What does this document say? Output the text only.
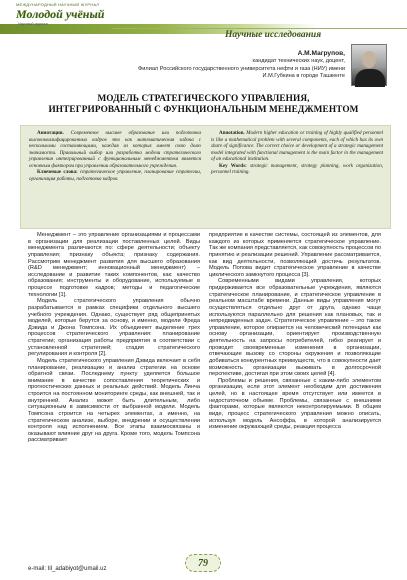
МЕЖДУНАРОДНЫЙ НАУЧНЫЙ ЖУРНАЛ
Молодой учёный
Научный журнал
Научные исследования
А.М.Магрупов,
кандидат технических наук, доцент,
Филиал Российского государственного университета нефти и газа (НИУ) имени
И.М.Губкина в городе Ташкенте
МОДЕЛЬ СТРАТЕГИЧЕСКОГО УПРАВЛЕНИЯ,
ИНТЕГРИРОВАННЫЙ С ФУНКЦИОНАЛЬНЫМ МЕНЕДЖМЕНТОМ
Аннотация. Современное высшее образование или подготовка высококвалифицированных кадров это как математическая задача с несколькими составляющими, каждая из которых имеет свою долю значимости. Правильный выбор или разработка модели стратегического управления интегрированный с функциональным менеджментом является основным фактором при управлении образовательного учреждения.
Ключевые слова: стратегическое управление, планирование стратегии, организация работы, подготовка кадров.
Annotation. Modern higher education or training of highly qualified personnel is like a mathematical problem with several components, each of which has its own share of significance. The correct choice or development of a strategic management model integrated with functional management is the main factor in the management of an educational institution.
Key Words: strategic management, strategy planning, work organization, personnel training.

Менеджмент – это управление организациями и процессами в организации для реализации поставленных целей. Виды менеджмента различаются по: сфере деятельности; объекту управления; признаку объекта; признаку содержания. Рассмотрим менеджмент развития для высшего образования (R&D менеджмент; инновационный менеджмент) – исследование и развитие таких компонентов, как: качество образования; инструменты и оборудование, используемые в процессе подготовке кадров; методы и педагогические технологии [1].

Модель стратегического управления обычно разрабатывается в рамках специфики отдельного высшего учебного учреждения. Однако, существует ряд общепринятых моделей, которые берутся за основу, и именно, модели Фреда Дэвида и Джона Томпсона. Их объединяет выделение трех процессов стратегического управления: планирование стратегии; организация работы предприятия в соответствии с установленной стратегией; стадия стратегического регулирования и контроля [2].

Модель стратегического управления Дэвида включает в себя планирование, реализацию и анализ стратегии на основе обратной связи. Последнему пункту уделяется большое внимание в качестве сопоставления теоретических и прогностических данных и реальных действий. Модель Линча строится на постоянном мониторинге среды, как внешней, так и внутренней. Анализ может быть длительным, либо ситуационным в зависимости от выбранной модели. Модель Томпсона строится на четырех элементах, а именно, на стратегическом анализе, выборе, внедрении и осуществлении контроля над исполнением. Все этапы взаимосвязаны и оказывают влияние друг на друга. Кроме того, модель Томпсона рассматривает

предприятие в качестве системы, состоящей из элементов, для каждого из которых применяется стратегическое управление. Так же компания представляется, как совокупность процессов по принятию и реализации решений. Управление рассматривается, как вид деятельности, позволяющий достичь результатов. Модель Попова видит стратегическое управление в качестве циклического замкнутого процесса [3].

Современными видами управления, которых придерживается все образовательные учреждения, являются стратегическое планирование, и стратегическое управление в реальном масштабе времени. Данные виды управления могут осуществляться отдельно друг от друга, однако чаще используются параллельно для решения как плановых, так и непредвиденных задач. Стратегическое управление – это такое управление, которое опирается на человеческий потенциал как основу организации, ориентирует производственную деятельность на запросы потребителей, гибко реагирует и проводит своевременные изменения в организации, отвечающие вызову со стороны окружения и позволяющие добиваться конкурентных преимуществ, что в совокупности дает возможность организации выживать в долгосрочной перспективе, достигая при этом своих целей [4].

Проблемы и решения, связанные с каким-либо элементом организации, если этот элемент необходим для достижения целей, но в настоящее время отсутствует или имеется в недостаточном объеме. Проблемы, связанные с внешними факторами, которые являются неконтролируемыми. В общем виде, процесс стратегического управления можно описать, используя модель Ансоффа, в которой анализируется изменение окружающей среды, реакция процесса

e-mail: til_adabiyot@umail.uz	79
